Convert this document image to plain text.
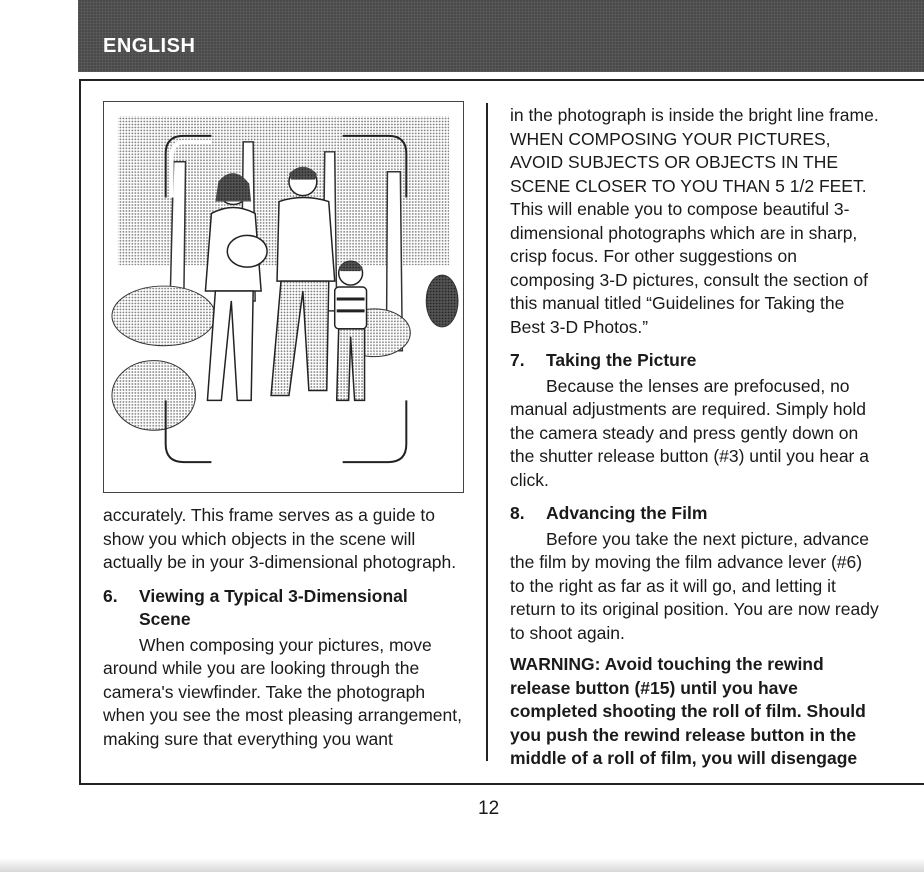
ENGLISH

accurately. This frame serves as a guide to show you which objects in the scene will actually be in your 3-dimensional photograph.

6.	Viewing a Typical 3-Dimensional Scene

When composing your pictures, move around while you are looking through the camera's viewfinder. Take the photograph when you see the most pleasing arrangement, making sure that everything you want

in the photograph is inside the bright line frame. WHEN COMPOSING YOUR PICTURES, AVOID SUBJECTS OR OBJECTS IN THE SCENE CLOSER TO YOU THAN 5 1/2 FEET. This will enable you to compose beautiful 3-dimensional photographs which are in sharp, crisp focus. For other suggestions on composing 3-D pictures, consult the section of this manual titled “Guidelines for Taking the Best 3-D Photos.”

7.	Taking the Picture

Because the lenses are prefocused, no manual adjustments are required. Simply hold the camera steady and press gently down on the shutter release button (#3) until you hear a click.

8.	Advancing the Film

Before you take the next picture, advance the film by moving the film advance lever (#6) to the right as far as it will go, and letting it return to its original position. You are now ready to shoot again.

WARNING: Avoid touching the rewind release button (#15) until you have completed shooting the roll of film. Should you push the rewind release button in the middle of a roll of film, you will disengage

12
